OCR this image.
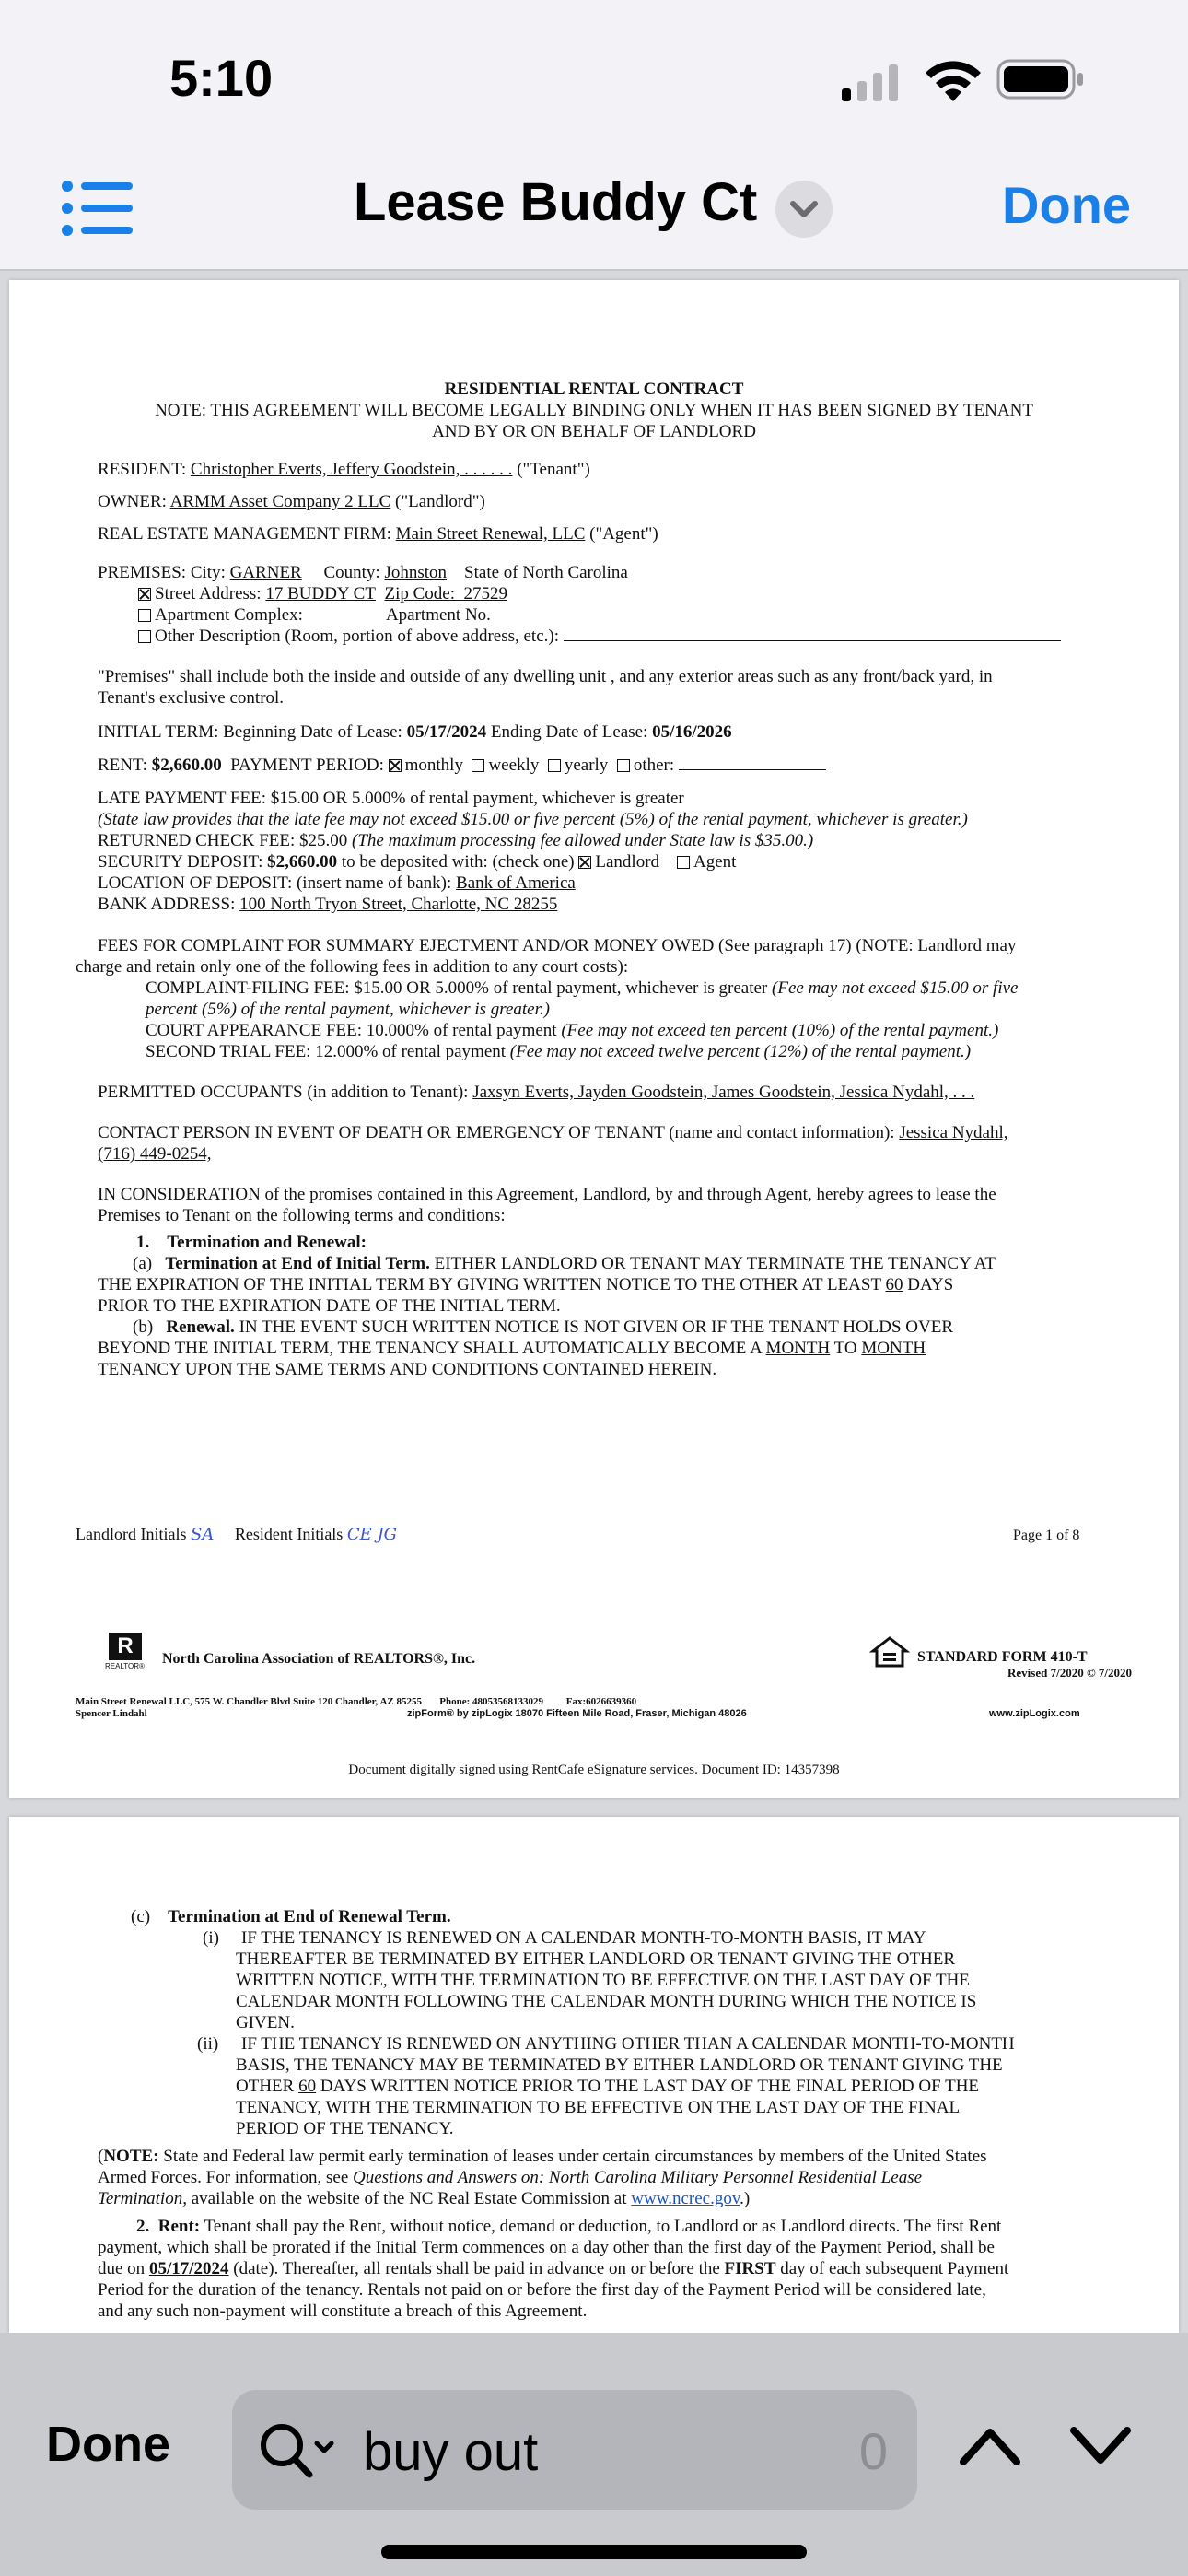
5:10
Lease Buddy Ct	Done
RESIDENTIAL RENTAL CONTRACT
NOTE: THIS AGREEMENT WILL BECOME LEGALLY BINDING ONLY WHEN IT HAS BEEN SIGNED BY TENANT
AND BY OR ON BEHALF OF LANDLORD
RESIDENT: Christopher Everts, Jeffery Goodstein, . . . . . . ("Tenant")
OWNER: ARMM Asset Company 2 LLC ("Landlord")
REAL ESTATE MANAGEMENT FIRM: Main Street Renewal, LLC ("Agent")
PREMISES: City: GARNER County: Johnston State of North Carolina
Street Address: 17 BUDDY CT Zip Code: 27529
Apartment Complex:	Apartment No.
Other Description (Room, portion of above address, etc.):
"Premises" shall include both the inside and outside of any dwelling unit , and any exterior areas such as any front/back yard, in
Tenant's exclusive control.
INITIAL TERM: Beginning Date of Lease: 05/17/2024 Ending Date of Lease: 05/16/2026
RENT: $2,660.00 PAYMENT PERIOD: monthly weekly yearly other:
LATE PAYMENT FEE: $15.00 OR 5.000% of rental payment, whichever is greater
(State law provides that the late fee may not exceed $15.00 or five percent (5%) of the rental payment, whichever is greater.)
RETURNED CHECK FEE: $25.00 (The maximum processing fee allowed under State law is $35.00.)
SECURITY DEPOSIT: $2,660.00 to be deposited with: (check one) Landlord Agent
LOCATION OF DEPOSIT: (insert name of bank): Bank of America
BANK ADDRESS: 100 North Tryon Street, Charlotte, NC 28255
FEES FOR COMPLAINT FOR SUMMARY EJECTMENT AND/OR MONEY OWED (See paragraph 17) (NOTE: Landlord may
charge and retain only one of the following fees in addition to any court costs):
COMPLAINT-FILING FEE: $15.00 OR 5.000% of rental payment, whichever is greater (Fee may not exceed $15.00 or five
percent (5%) of the rental payment, whichever is greater.)
COURT APPEARANCE FEE: 10.000% of rental payment (Fee may not exceed ten percent (10%) of the rental payment.)
SECOND TRIAL FEE: 12.000% of rental payment (Fee may not exceed twelve percent (12%) of the rental payment.)
PERMITTED OCCUPANTS (in addition to Tenant): Jaxsyn Everts, Jayden Goodstein, James Goodstein, Jessica Nydahl, . . .
CONTACT PERSON IN EVENT OF DEATH OR EMERGENCY OF TENANT (name and contact information): Jessica Nydahl,
(716) 449-0254,
IN CONSIDERATION of the promises contained in this Agreement, Landlord, by and through Agent, hereby agrees to lease the
Premises to Tenant on the following terms and conditions:
1. Termination and Renewal:
(a) Termination at End of Initial Term. EITHER LANDLORD OR TENANT MAY TERMINATE THE TENANCY AT
THE EXPIRATION OF THE INITIAL TERM BY GIVING WRITTEN NOTICE TO THE OTHER AT LEAST 60 DAYS
PRIOR TO THE EXPIRATION DATE OF THE INITIAL TERM.
(b) Renewal. IN THE EVENT SUCH WRITTEN NOTICE IS NOT GIVEN OR IF THE TENANT HOLDS OVER
BEYOND THE INITIAL TERM, THE TENANCY SHALL AUTOMATICALLY BECOME A MONTH TO MONTH
TENANCY UPON THE SAME TERMS AND CONDITIONS CONTAINED HEREIN.
Landlord Initials SA Resident Initials CE JG	Page 1 of 8
R
REALTOR® North Carolina Association of REALTORS®, Inc.	STANDARD FORM 410-T
Revised 7/2020 © 7/2020
Main Street Renewal LLC, 575 W. Chandler Blvd Suite 120 Chandler, AZ 85255 Phone: 4805356813302​9 Fax:6026639360
Spencer Lindahl	zipForm® by zipLogix 18070 Fifteen Mile Road, Fraser, Michigan 48026	www.zipLogix.com
Document digitally signed using RentCafe eSignature services. Document ID: 14357398
(c) Termination at End of Renewal Term.
(i) IF THE TENANCY IS RENEWED ON A CALENDAR MONTH-TO-MONTH BASIS, IT MAY
THEREAFTER BE TERMINATED BY EITHER LANDLORD OR TENANT GIVING THE OTHER
WRITTEN NOTICE, WITH THE TERMINATION TO BE EFFECTIVE ON THE LAST DAY OF THE
CALENDAR MONTH FOLLOWING THE CALENDAR MONTH DURING WHICH THE NOTICE IS
GIVEN.
(ii) IF THE TENANCY IS RENEWED ON ANYTHING OTHER THAN A CALENDAR MONTH-TO-MONTH
BASIS, THE TENANCY MAY BE TERMINATED BY EITHER LANDLORD OR TENANT GIVING THE
OTHER 60 DAYS WRITTEN NOTICE PRIOR TO THE LAST DAY OF THE FINAL PERIOD OF THE
TENANCY, WITH THE TERMINATION TO BE EFFECTIVE ON THE LAST DAY OF THE FINAL
PERIOD OF THE TENANCY.
(NOTE: State and Federal law permit early termination of leases under certain circumstances by members of the United States
Armed Forces. For information, see Questions and Answers on: North Carolina Military Personnel Residential Lease
Termination, available on the website of the NC Real Estate Commission at www.ncrec.gov.)
2. Rent: Tenant shall pay the Rent, without notice, demand or deduction, to Landlord or as Landlord directs. The first Rent
payment, which shall be prorated if the Initial Term commences on a day other than the first day of the Payment Period, shall be
due on 05/17/2024 (date). Thereafter, all rentals shall be paid in advance on or before the FIRST day of each subsequent Payment
Period for the duration of the tenancy. Rentals not paid on or before the first day of the Payment Period will be considered late,
and any such non-payment will constitute a breach of this Agreement.
Done	buy out	0
